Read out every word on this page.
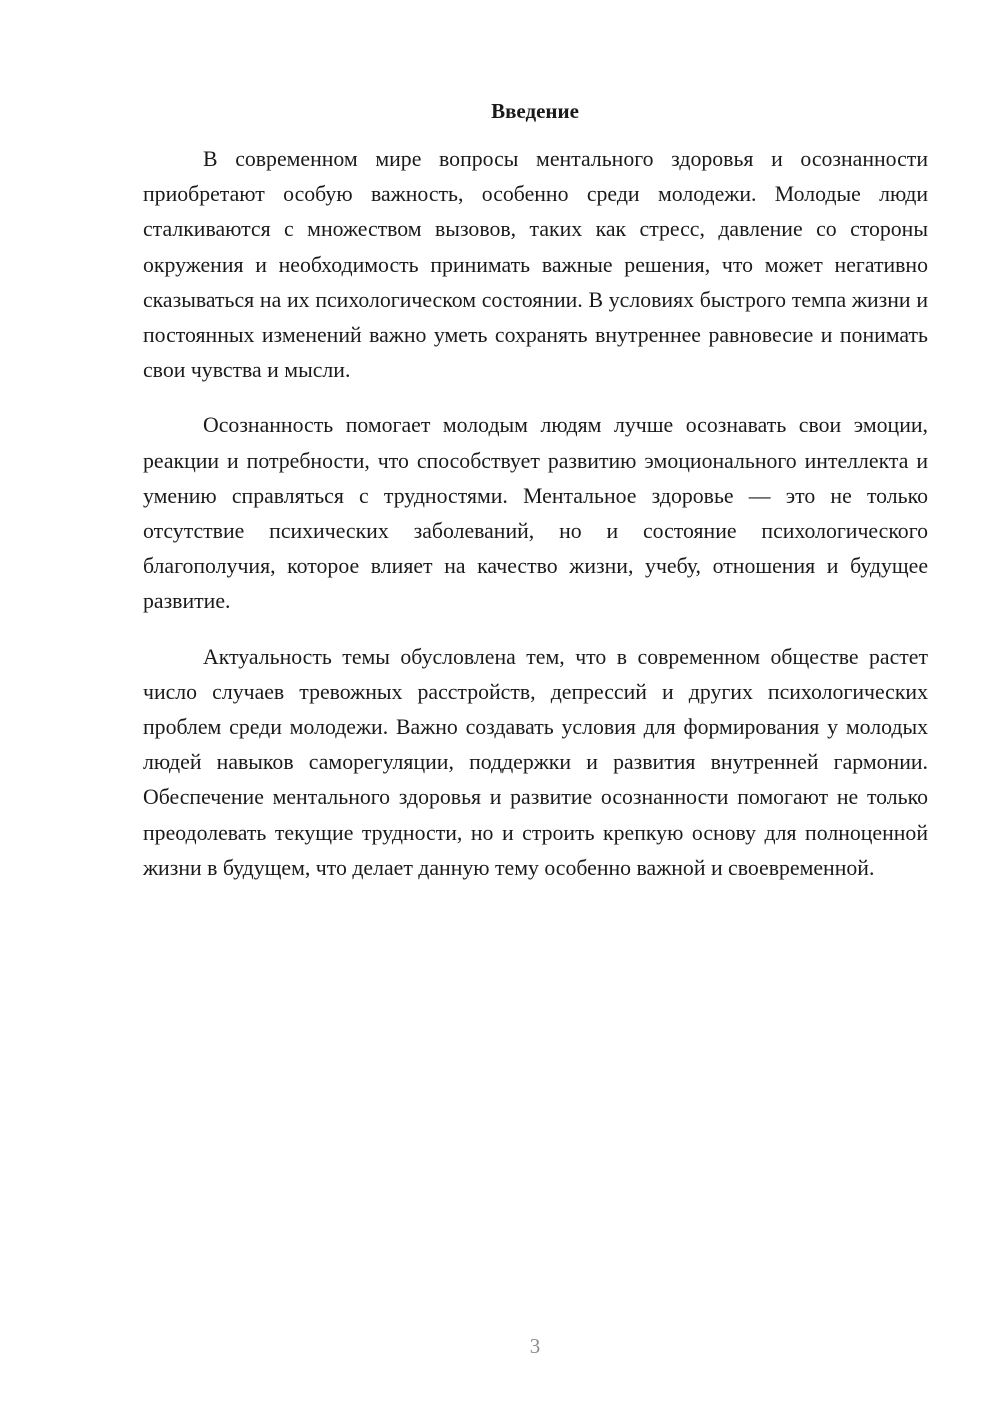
Введение

В современном мире вопросы ментального здоровья и осознанности приобретают особую важность, особенно среди молодежи. Молодые люди сталкиваются с множеством вызовов, таких как стресс, давление со стороны окружения и необходимость принимать важные решения, что может негативно сказываться на их психологическом состоянии. В условиях быстрого темпа жизни и постоянных изменений важно уметь сохранять внутреннее равновесие и понимать свои чувства и мысли.

Осознанность помогает молодым людям лучше осознавать свои эмоции, реакции и потребности, что способствует развитию эмоционального интеллекта и умению справляться с трудностями. Ментальное здоровье — это не только отсутствие психических заболеваний, но и состояние психологического благополучия, которое влияет на качество жизни, учебу, отношения и будущее развитие.

Актуальность темы обусловлена тем, что в современном обществе растет число случаев тревожных расстройств, депрессий и других психологических проблем среди молодежи. Важно создавать условия для формирования у молодых людей навыков саморегуляции, поддержки и развития внутренней гармонии. Обеспечение ментального здоровья и развитие осознанности помогают не только преодолевать текущие трудности, но и строить крепкую основу для полноценной жизни в будущем, что делает данную тему особенно важной и своевременной.

3
